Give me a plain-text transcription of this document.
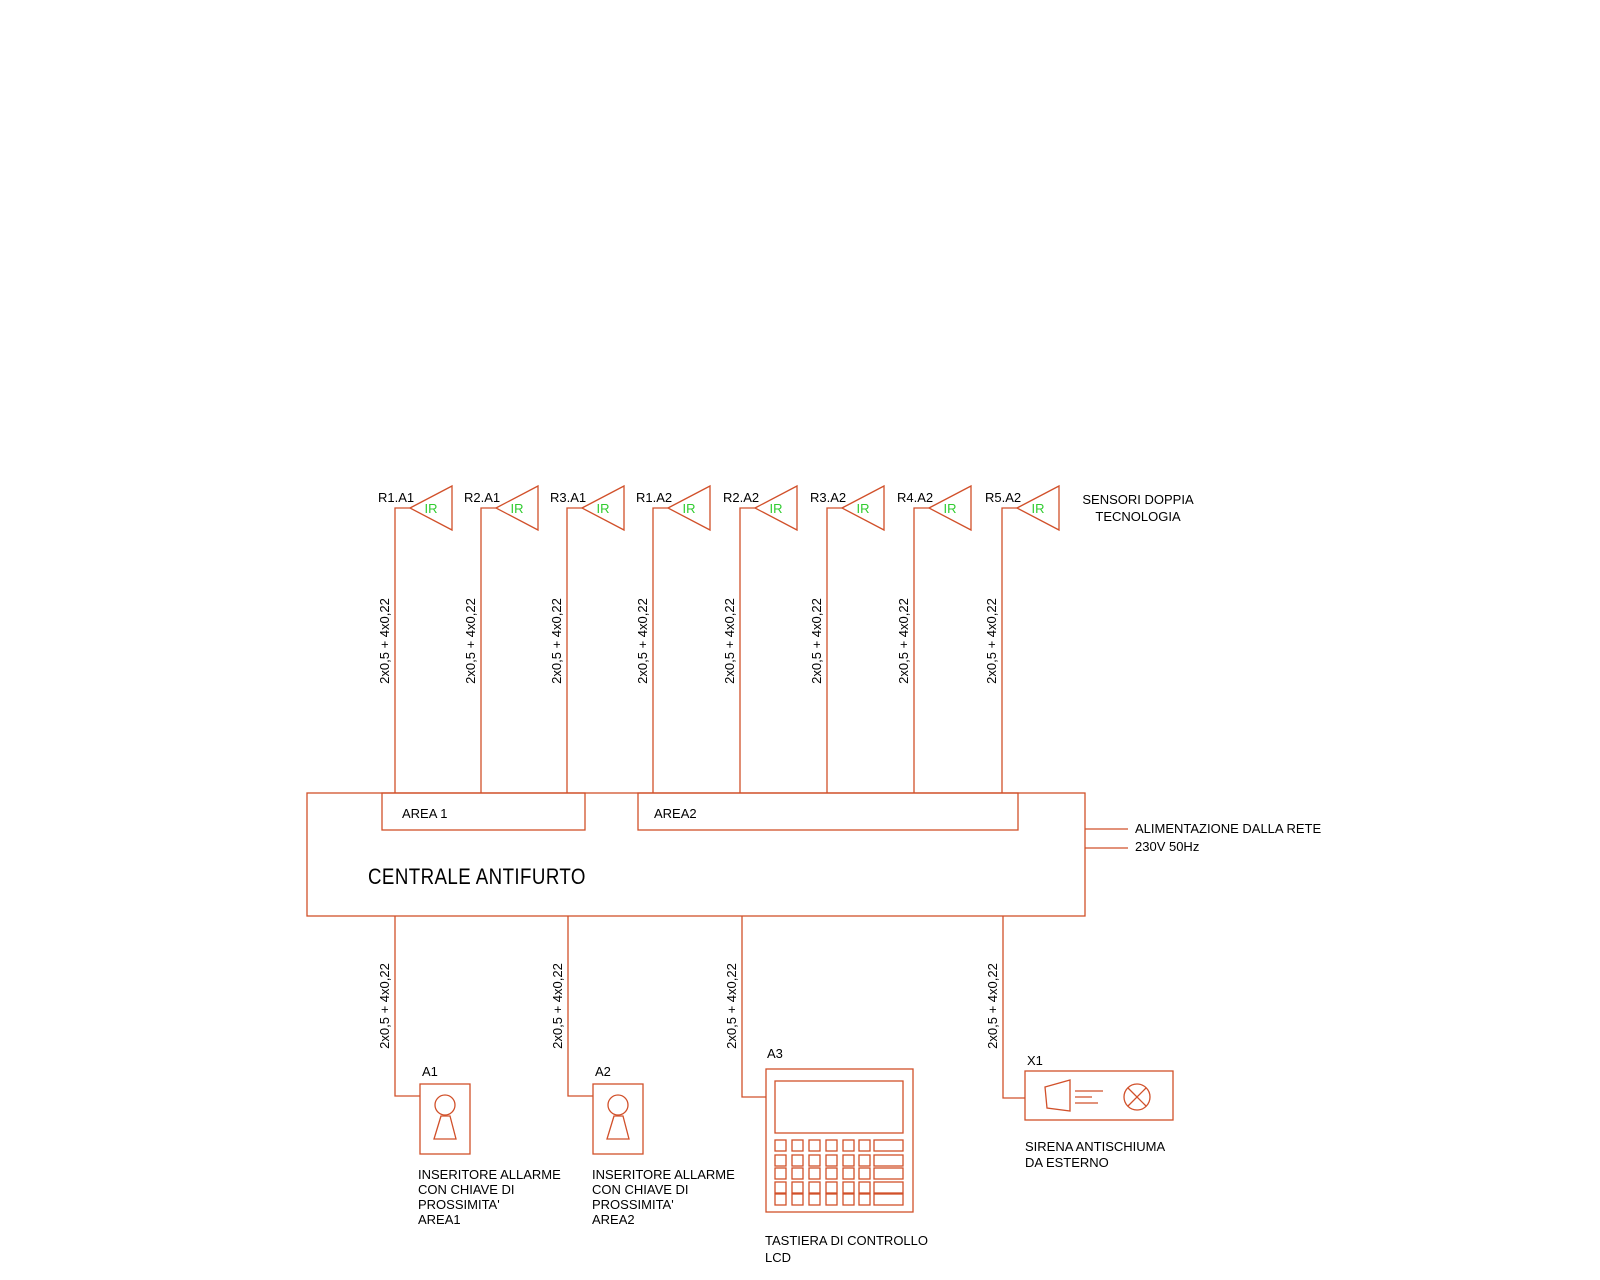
R1.A1	R2.A1	R3.A1	R1.A2	R2.A2	R3.A2	R4.A2	R5.A2
IR	IR	IR	IR	IR	IR	IR	IR
SENSORI DOPPIA
TECNOLOGIA
2x0,5 + 4x0,22	2x0,5 + 4x0,22	2x0,5 + 4x0,22	2x0,5 + 4x0,22	2x0,5 + 4x0,22	2x0,5 + 4x0,22	2x0,5 + 4x0,22	2x0,5 + 4x0,22
2x0,5 + 4x0,22	2x0,5 + 4x0,22	2x0,5 + 4x0,22	2x0,5 + 4x0,22
AREA 1	AREA2
CENTRALE ANTIFURTO
ALIMENTAZIONE DALLA RETE
230V 50Hz
A1	A2
A3	X1
INSERITORE ALLARME
CON CHIAVE DI
PROSSIMITA'
AREA1
INSERITORE ALLARME
CON CHIAVE DI
PROSSIMITA'
AREA2
TASTIERA DI CONTROLLO
LCD
SIRENA ANTISCHIUMA
DA ESTERNO
